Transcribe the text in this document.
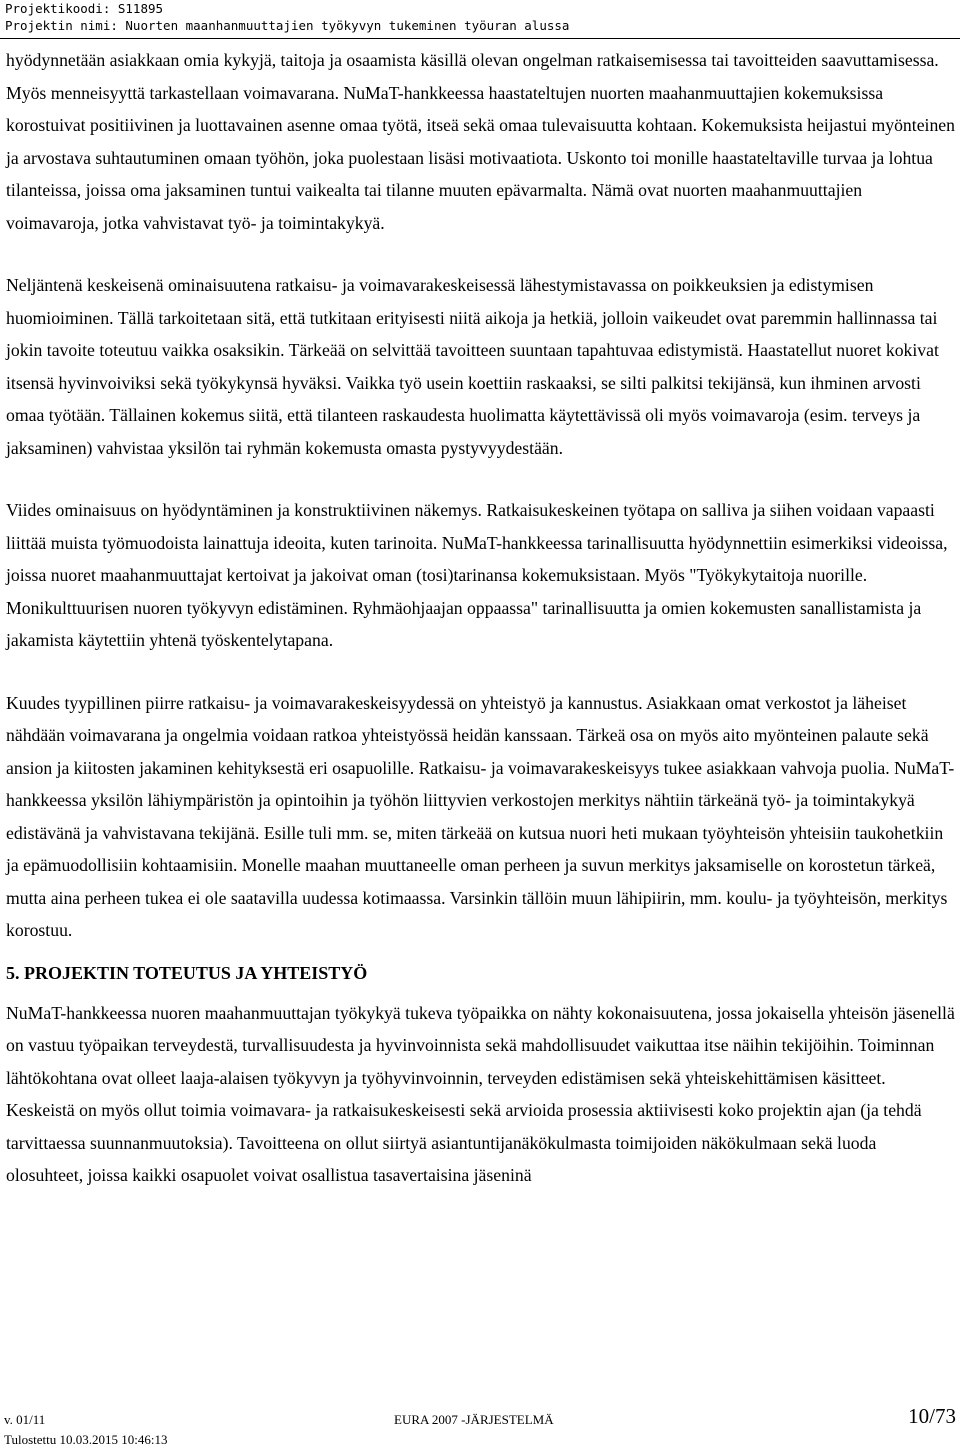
Projektikoodi: S11895
Projektin nimi: Nuorten maanhanmuuttajien työkyvyn tukeminen työuran alussa

hyödynnetään asiakkaan omia kykyjä, taitoja ja osaamista käsillä olevan ongelman ratkaisemisessa tai tavoitteiden saavuttamisessa. Myös menneisyyttä tarkastellaan voimavarana. NuMaT-hankkeessa haastateltujen nuorten maahanmuuttajien kokemuksissa korostuivat positiivinen ja luottavainen asenne omaa työtä, itseä sekä omaa tulevaisuutta kohtaan. Kokemuksista heijastui myönteinen ja arvostava suhtautuminen omaan työhön, joka puolestaan lisäsi motivaatiota. Uskonto toi monille haastateltaville turvaa ja lohtua tilanteissa, joissa oma jaksaminen tuntui vaikealta tai tilanne muuten epävarmalta. Nämä ovat nuorten maahanmuuttajien voimavaroja, jotka vahvistavat työ- ja toimintakykyä.

Neljäntenä keskeisenä ominaisuutena ratkaisu- ja voimavarakeskeisessä lähestymistavassa on poikkeuksien ja edistymisen huomioiminen. Tällä tarkoitetaan sitä, että tutkitaan erityisesti niitä aikoja ja hetkiä, jolloin vaikeudet ovat paremmin hallinnassa tai jokin tavoite toteutuu vaikka osaksikin. Tärkeää on selvittää tavoitteen suuntaan tapahtuvaa edistymistä. Haastatellut nuoret kokivat itsensä hyvinvoiviksi sekä työkykynsä hyväksi. Vaikka työ usein koettiin raskaaksi, se silti palkitsi tekijänsä, kun ihminen arvosti omaa työtään. Tällainen kokemus siitä, että tilanteen raskaudesta huolimatta käytettävissä oli myös voimavaroja (esim. terveys ja jaksaminen) vahvistaa yksilön tai ryhmän kokemusta omasta pystyvyydestään.

Viides ominaisuus on hyödyntäminen ja konstruktiivinen näkemys. Ratkaisukeskeinen työtapa on salliva ja siihen voidaan vapaasti liittää muista työmuodoista lainattuja ideoita, kuten tarinoita. NuMaT-hankkeessa tarinallisuutta hyödynnettiin esimerkiksi videoissa, joissa nuoret maahanmuuttajat kertoivat ja jakoivat oman (tosi)tarinansa kokemuksistaan. Myös "Työkykytaitoja nuorille. Monikulttuurisen nuoren työkyvyn edistäminen. Ryhmäohjaajan oppaassa" tarinallisuutta ja omien kokemusten sanallistamista ja jakamista käytettiin yhtenä työskentelytapana.

Kuudes tyypillinen piirre ratkaisu- ja voimavarakeskeisyydessä on yhteistyö ja kannustus. Asiakkaan omat verkostot ja läheiset nähdään voimavarana ja ongelmia voidaan ratkoa yhteistyössä heidän kanssaan. Tärkeä osa on myös aito myönteinen palaute sekä ansion ja kiitosten jakaminen kehityksestä eri osapuolille. Ratkaisu- ja voimavarakeskeisyys tukee asiakkaan vahvoja puolia. NuMaT-hankkeessa yksilön lähiympäristön ja opintoihin ja työhön liittyvien verkostojen merkitys nähtiin tärkeänä työ- ja toimintakykyä edistävänä ja vahvistavana tekijänä. Esille tuli mm. se, miten tärkeää on kutsua nuori heti mukaan työyhteisön yhteisiin taukohetkiin ja epämuodollisiin kohtaamisiin. Monelle maahan muuttaneelle oman perheen ja suvun merkitys jaksamiselle on korostetun tärkeä, mutta aina perheen tukea ei ole saatavilla uudessa kotimaassa. Varsinkin tällöin muun lähipiirin, mm. koulu- ja työyhteisön, merkitys korostuu.

5. PROJEKTIN TOTEUTUS JA YHTEISTYÖ

NuMaT-hankkeessa nuoren maahanmuuttajan työkykyä tukeva työpaikka on nähty kokonaisuutena, jossa jokaisella yhteisön jäsenellä on vastuu työpaikan terveydestä, turvallisuudesta ja hyvinvoinnista sekä mahdollisuudet vaikuttaa itse näihin tekijöihin. Toiminnan lähtökohtana ovat olleet laaja-alaisen työkyvyn ja työhyvinvoinnin, terveyden edistämisen sekä yhteiskehittämisen käsitteet. Keskeistä on myös ollut toimia voimavara- ja ratkaisukeskeisesti sekä arvioida prosessia aktiivisesti koko projektin ajan (ja tehdä tarvittaessa suunnanmuutoksia). Tavoitteena on ollut siirtyä asiantuntijanäkökulmasta toimijoiden näkökulmaan sekä luoda olosuhteet, joissa kaikki osapuolet voivat osallistua tasavertaisina jäseninä

v. 01/11	EURA 2007 -JÄRJESTELMÄ	10/73
Tulostettu 10.03.2015 10:46:13
